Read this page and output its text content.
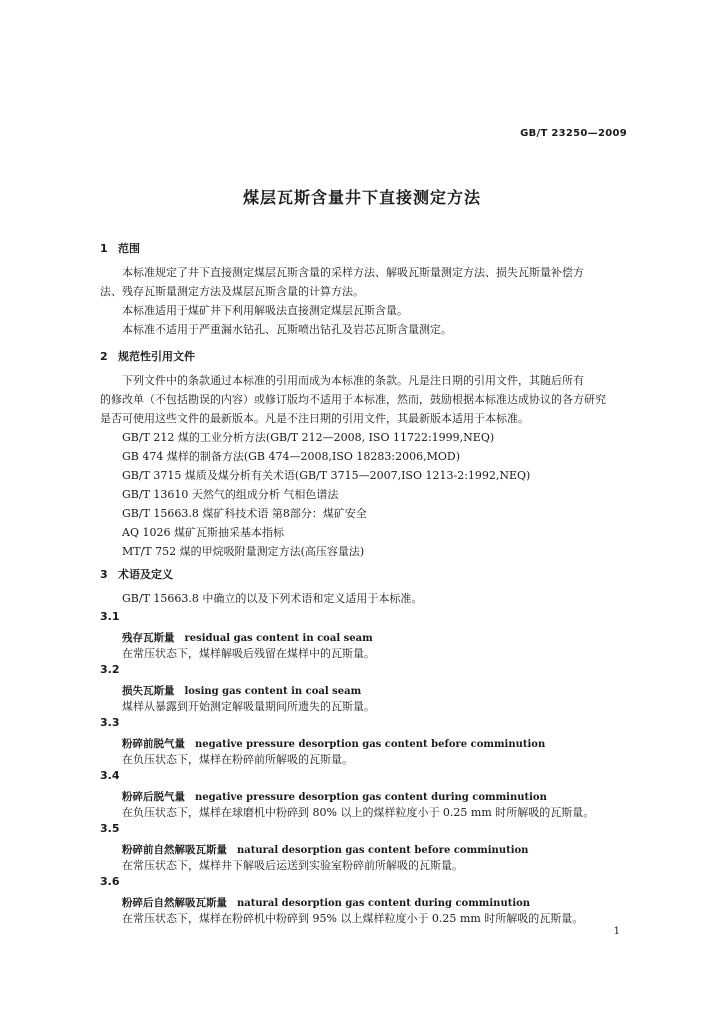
GB/T 23250—2009
煤层瓦斯含量井下直接测定方法
1 范围
本标准规定了井下直接测定煤层瓦斯含量的采样方法、解吸瓦斯量测定方法、损失瓦斯量补偿方
法、残存瓦斯量测定方法及煤层瓦斯含量的计算方法。
本标准适用于煤矿井下利用解吸法直接测定煤层瓦斯含量。
本标准不适用于严重漏水钻孔、瓦斯喷出钻孔及岩芯瓦斯含量测定。
2 规范性引用文件
下列文件中的条款通过本标准的引用而成为本标准的条款。凡是注日期的引用文件，其随后所有
的修改单（不包括勘误的内容）或修订版均不适用于本标准，然而，鼓励根据本标准达成协议的各方研究
是否可使用这些文件的最新版本。凡是不注日期的引用文件，其最新版本适用于本标准。
GB/T 212 煤的工业分析方法(GB/T 212—2008, ISO 11722:1999,NEQ)
GB 474 煤样的制备方法(GB 474—2008,ISO 18283:2006,MOD)
GB/T 3715 煤质及煤分析有关术语(GB/T 3715—2007,ISO 1213-2:1992,NEQ)
GB/T 13610 天然气的组成分析 气相色谱法
GB/T 15663.8 煤矿科技术语 第8部分：煤矿安全
AQ 1026 煤矿瓦斯抽采基本指标
MT/T 752 煤的甲烷吸附量测定方法(高压容量法)
3 术语及定义
GB/T 15663.8 中确立的以及下列术语和定义适用于本标准。
3.1
残存瓦斯量 residual gas content in coal seam
在常压状态下，煤样解吸后残留在煤样中的瓦斯量。
3.2
损失瓦斯量 losing gas content in coal seam
煤样从暴露到开始测定解吸量期间所遗失的瓦斯量。
3.3
粉碎前脱气量 negative pressure desorption gas content before comminution
在负压状态下，煤样在粉碎前所解吸的瓦斯量。
3.4
粉碎后脱气量 negative pressure desorption gas content during comminution
在负压状态下，煤样在球磨机中粉碎到 80% 以上的煤样粒度小于 0.25 mm 时所解吸的瓦斯量。
3.5
粉碎前自然解吸瓦斯量 natural desorption gas content before comminution
在常压状态下，煤样井下解吸后运送到实验室粉碎前所解吸的瓦斯量。
3.6
粉碎后自然解吸瓦斯量 natural desorption gas content during comminution
在常压状态下，煤样在粉碎机中粉碎到 95% 以上煤样粒度小于 0.25 mm 时所解吸的瓦斯量。
1
